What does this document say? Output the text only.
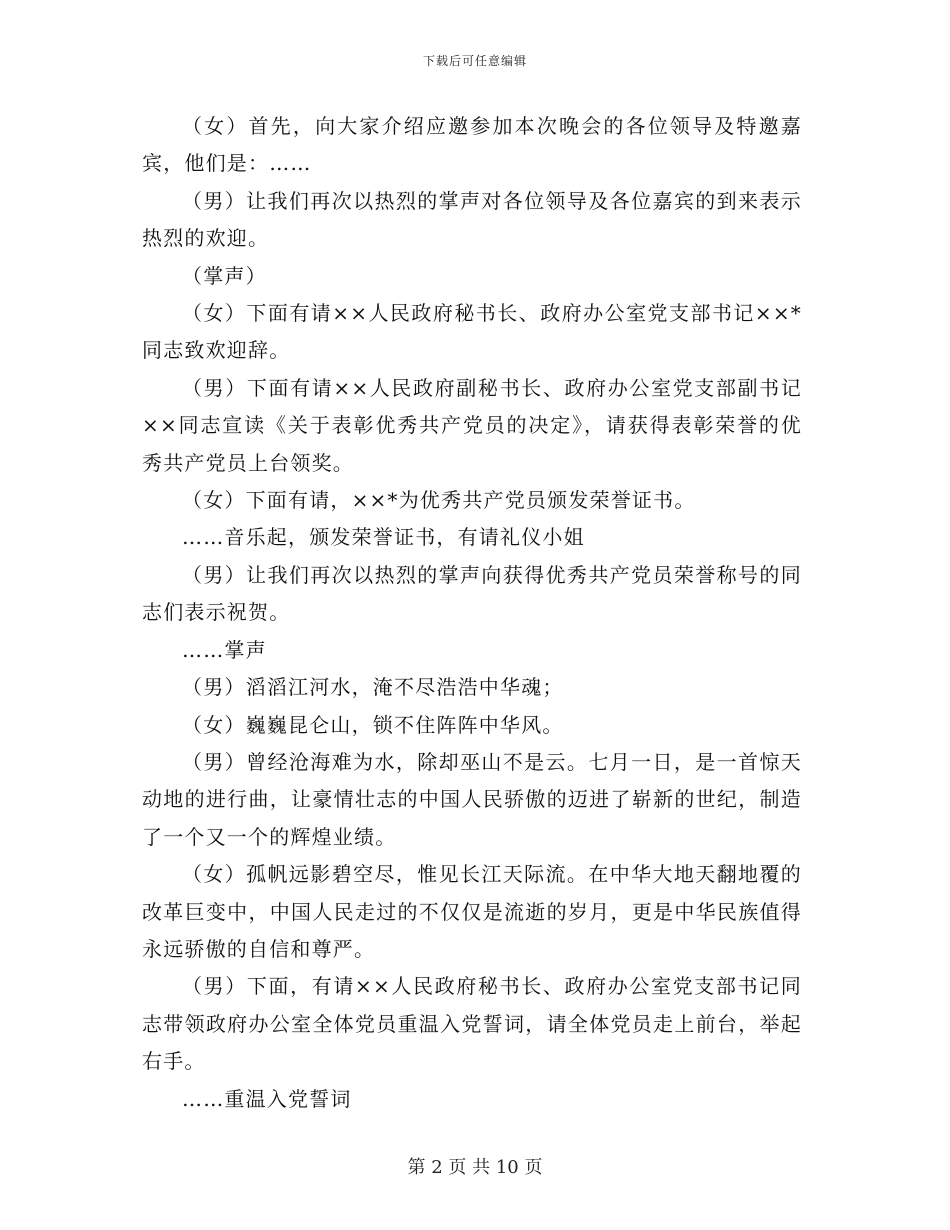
下载后可任意编辑

（女）首先，向大家介绍应邀参加本次晚会的各位领导及特邀嘉宾，他们是：……

（男）让我们再次以热烈的掌声对各位领导及各位嘉宾的到来表示热烈的欢迎。

（掌声）

（女）下面有请××人民政府秘书长、政府办公室党支部书记××*同志致欢迎辞。

（男）下面有请××人民政府副秘书长、政府办公室党支部副书记××同志宣读《关于表彰优秀共产党员的决定》，请获得表彰荣誉的优秀共产党员上台领奖。

（女）下面有请，××*为优秀共产党员颁发荣誉证书。

……音乐起，颁发荣誉证书，有请礼仪小姐

（男）让我们再次以热烈的掌声向获得优秀共产党员荣誉称号的同志们表示祝贺。

……掌声

（男）滔滔江河水，淹不尽浩浩中华魂；

（女）巍巍昆仑山，锁不住阵阵中华风。

（男）曾经沧海难为水，除却巫山不是云。七月一日，是一首惊天动地的进行曲，让豪情壮志的中国人民骄傲的迈进了崭新的世纪，制造了一个又一个的辉煌业绩。

（女）孤帆远影碧空尽，惟见长江天际流。在中华大地天翻地覆的改革巨变中，中国人民走过的不仅仅是流逝的岁月，更是中华民族值得永远骄傲的自信和尊严。

（男）下面，有请××人民政府秘书长、政府办公室党支部书记同志带领政府办公室全体党员重温入党誓词，请全体党员走上前台，举起右手。

……重温入党誓词

第 2 页 共 10 页
